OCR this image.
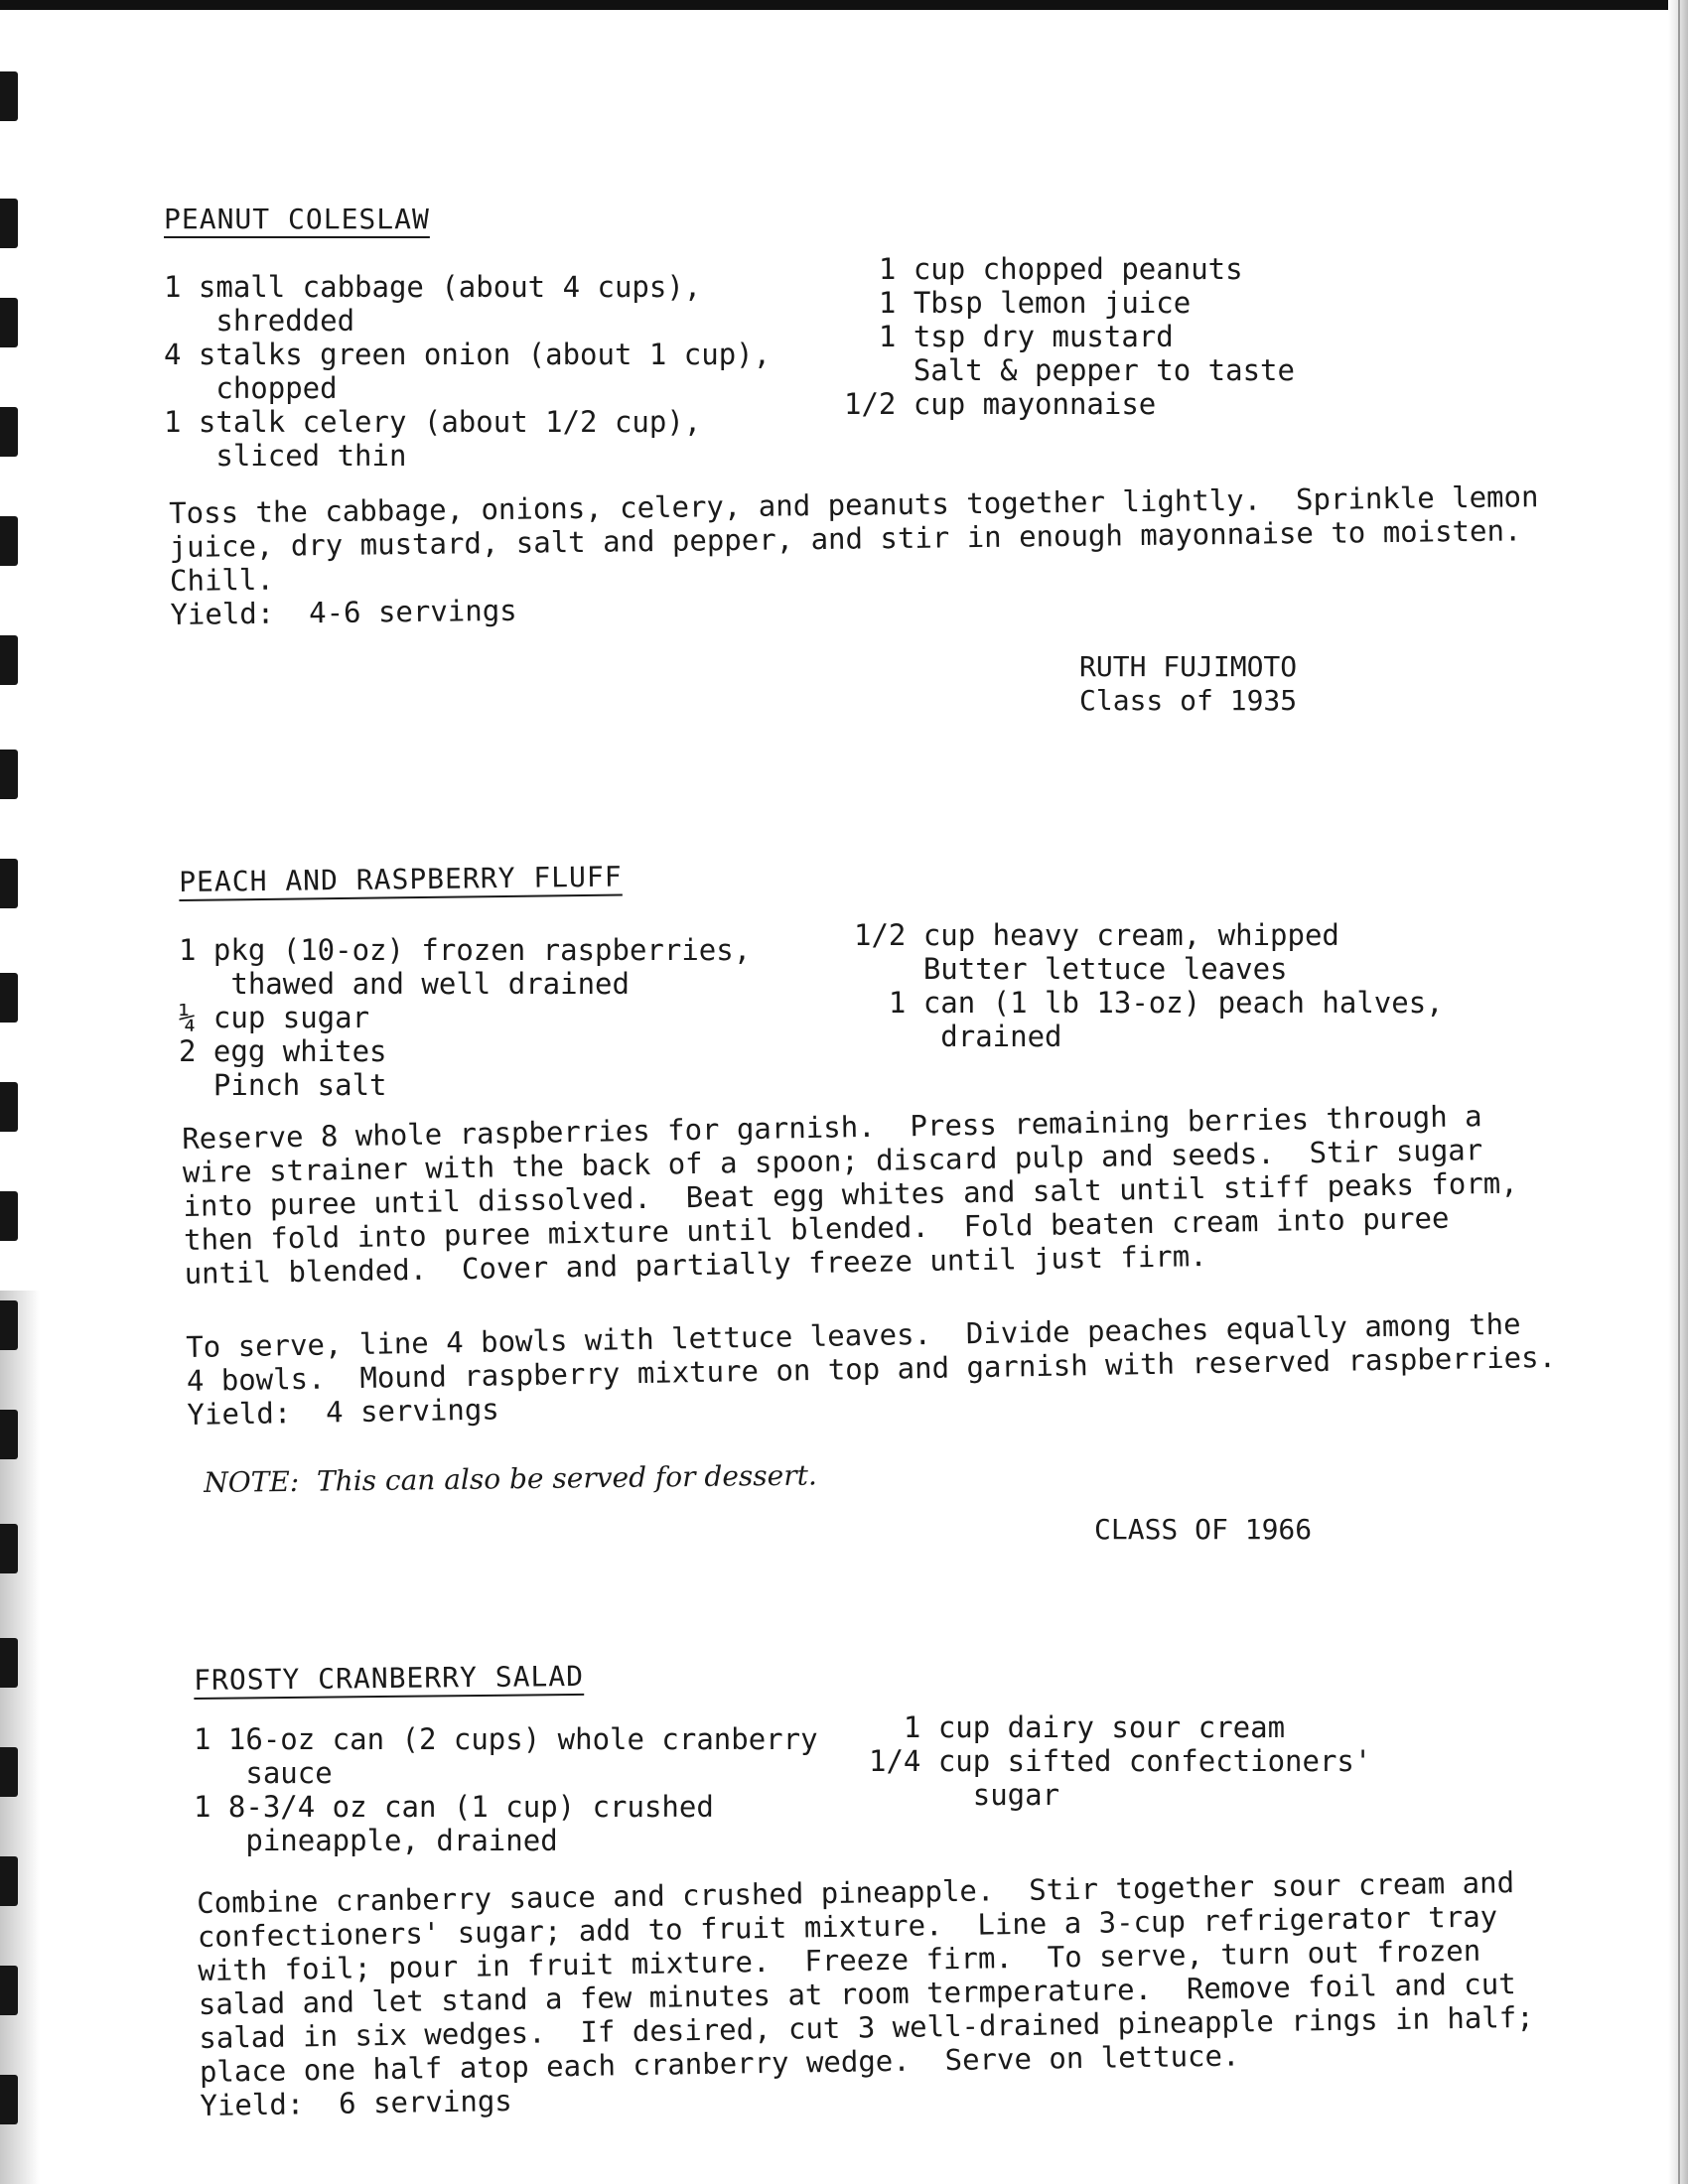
PEANUT COLESLAW

1 small cabbage (about 4 cups),
shredded
4 stalks green onion (about 1 cup),
chopped
1 stalk celery (about 1/2 cup),
sliced thin

1 cup chopped peanuts
1 Tbsp lemon juice
1 tsp dry mustard
Salt & pepper to taste
1/2 cup mayonnaise

Toss the cabbage, onions, celery, and peanuts together lightly.  Sprinkle lemon
juice, dry mustard, salt and pepper, and stir in enough mayonnaise to moisten.
Chill.
Yield:  4-6 servings

RUTH FUJIMOTO
Class of 1935

PEACH AND RASPBERRY FLUFF

1 pkg (10-oz) frozen raspberries,
thawed and well drained
¼ cup sugar
2 egg whites
Pinch salt

1/2 cup heavy cream, whipped
Butter lettuce leaves
1 can (1 lb 13-oz) peach halves,
drained

Reserve 8 whole raspberries for garnish.  Press remaining berries through a
wire strainer with the back of a spoon; discard pulp and seeds.  Stir sugar
into puree until dissolved.  Beat egg whites and salt until stiff peaks form,
then fold into puree mixture until blended.  Fold beaten cream into puree
until blended.  Cover and partially freeze until just firm.

To serve, line 4 bowls with lettuce leaves.  Divide peaches equally among the
4 bowls.  Mound raspberry mixture on top and garnish with reserved raspberries.
Yield:  4 servings

NOTE:  This can also be served for dessert.

CLASS OF 1966

FROSTY CRANBERRY SALAD

1 16-oz can (2 cups) whole cranberry
sauce
1 8-3/4 oz can (1 cup) crushed
pineapple, drained

1 cup dairy sour cream
1/4 cup sifted confectioners'
sugar

Combine cranberry sauce and crushed pineapple.  Stir together sour cream and
confectioners' sugar; add to fruit mixture.  Line a 3-cup refrigerator tray
with foil; pour in fruit mixture.  Freeze firm.  To serve, turn out frozen
salad and let stand a few minutes at room termperature.  Remove foil and cut
salad in six wedges.  If desired, cut 3 well-drained pineapple rings in half;
place one half atop each cranberry wedge.  Serve on lettuce.
Yield:  6 servings
